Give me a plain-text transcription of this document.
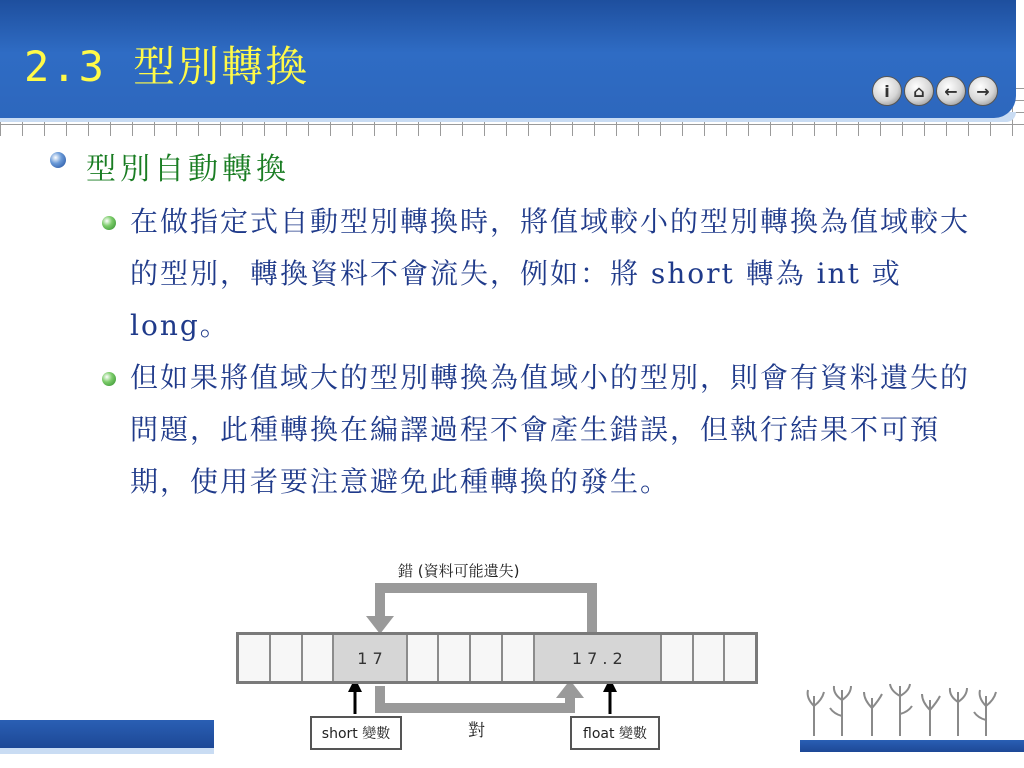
2.3 型別轉換	i	⌂	←	→
型別自動轉換
在做指定式自動型別轉換時，將值域較小的型別轉換為值域較大的型別，轉換資料不會流失，例如：將 short 轉為 int 或 long。
但如果將值域大的型別轉換為值域小的型別，則會有資料遺失的問題，此種轉換在編譯過程不會產生錯誤，但執行結果不可預期，使用者要注意避免此種轉換的發生。
錯 (資料可能遺失)
1 7	1 7 . 2
對
short 變數	float 變數
